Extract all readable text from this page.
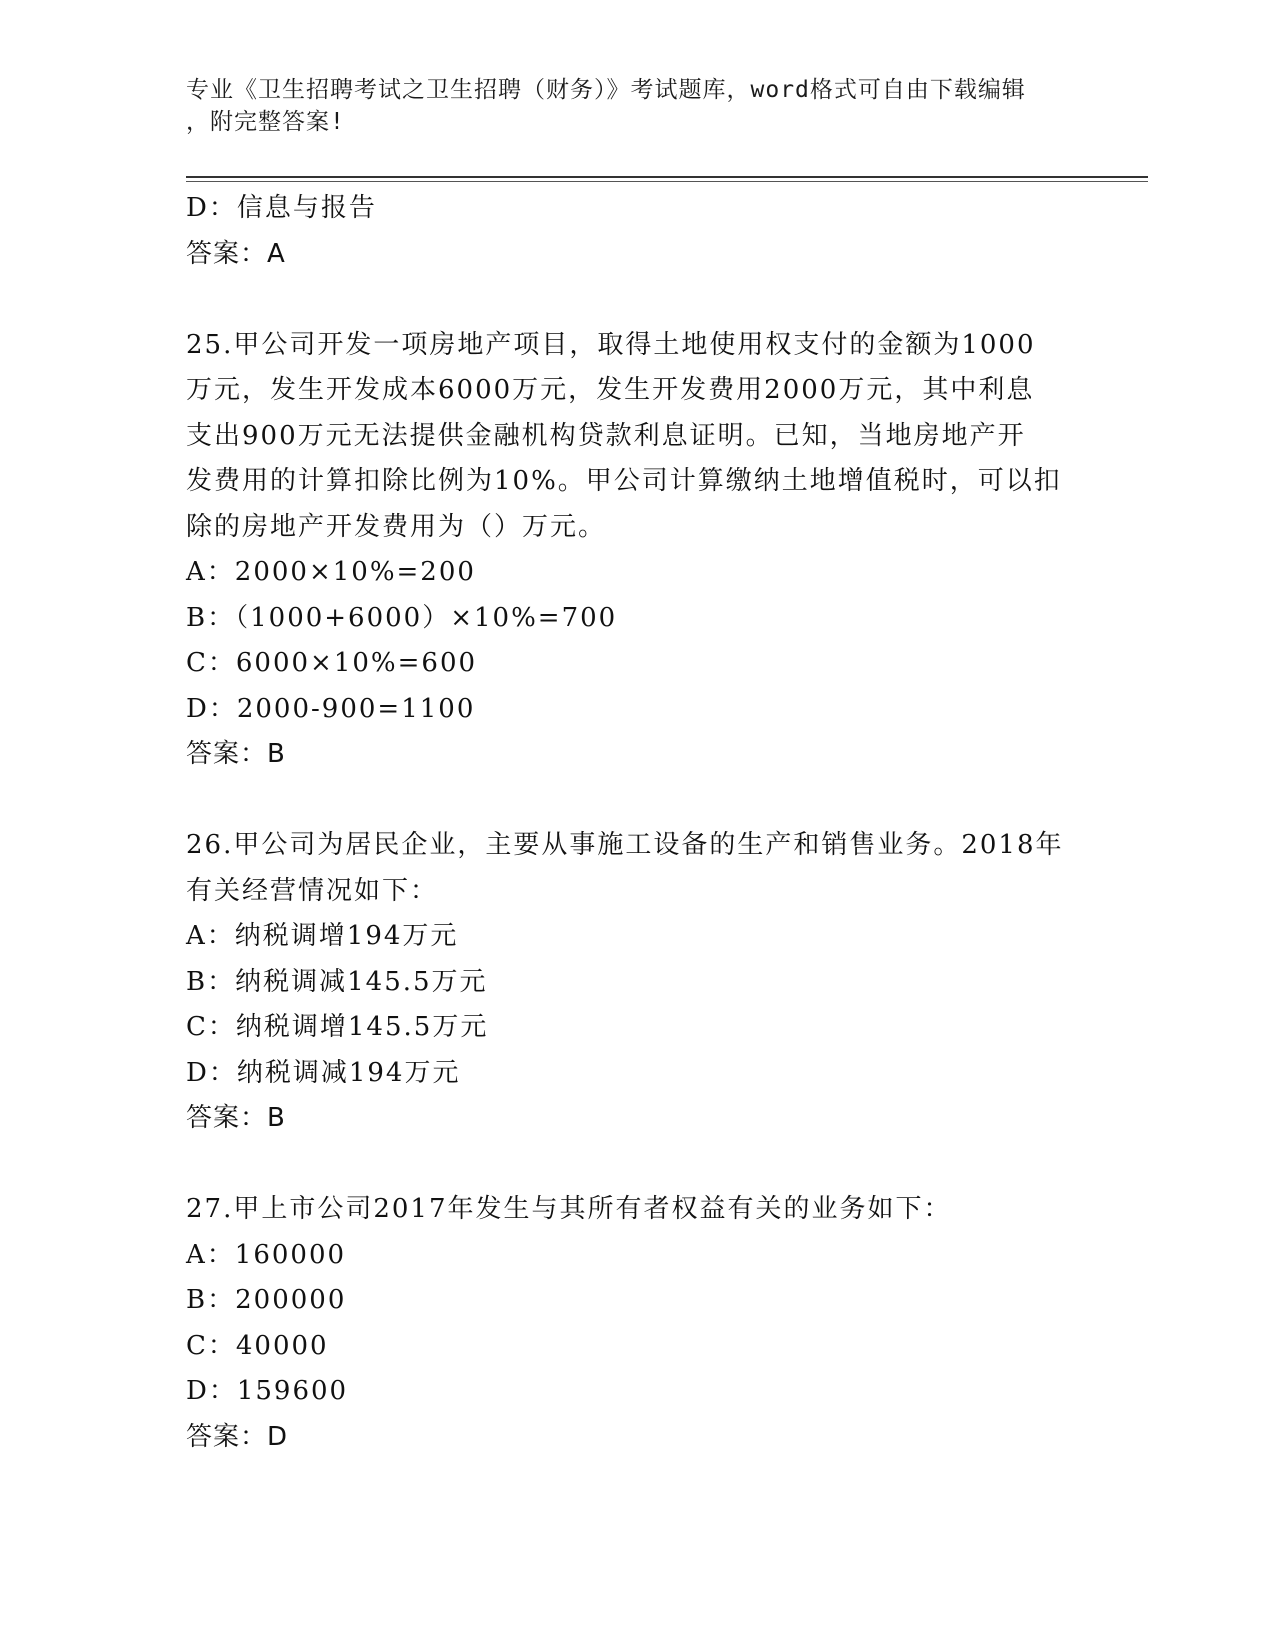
专业《卫生招聘考试之卫生招聘（财务）》考试题库，word格式可自由下载编辑
，附完整答案!
D：信息与报告
答案：A
25.甲公司开发一项房地产项目，取得土地使用权支付的金额为1000
万元，发生开发成本6000万元，发生开发费用2000万元，其中利息
支出900万元无法提供金融机构贷款利息证明。已知，当地房地产开
发费用的计算扣除比例为10%。甲公司计算缴纳土地增值税时，可以扣
除的房地产开发费用为（）万元。
A：2000×10%=200
B：（1000+6000）×10%=700
C：6000×10%=600
D：2000-900=1100
答案：B
26.甲公司为居民企业，主要从事施工设备的生产和销售业务。2018年
有关经营情况如下：
A：纳税调增194万元
B：纳税调减145.5万元
C：纳税调增145.5万元
D：纳税调减194万元
答案：B
27.甲上市公司2017年发生与其所有者权益有关的业务如下：
A：160000
B：200000
C：40000
D：159600
答案：D
